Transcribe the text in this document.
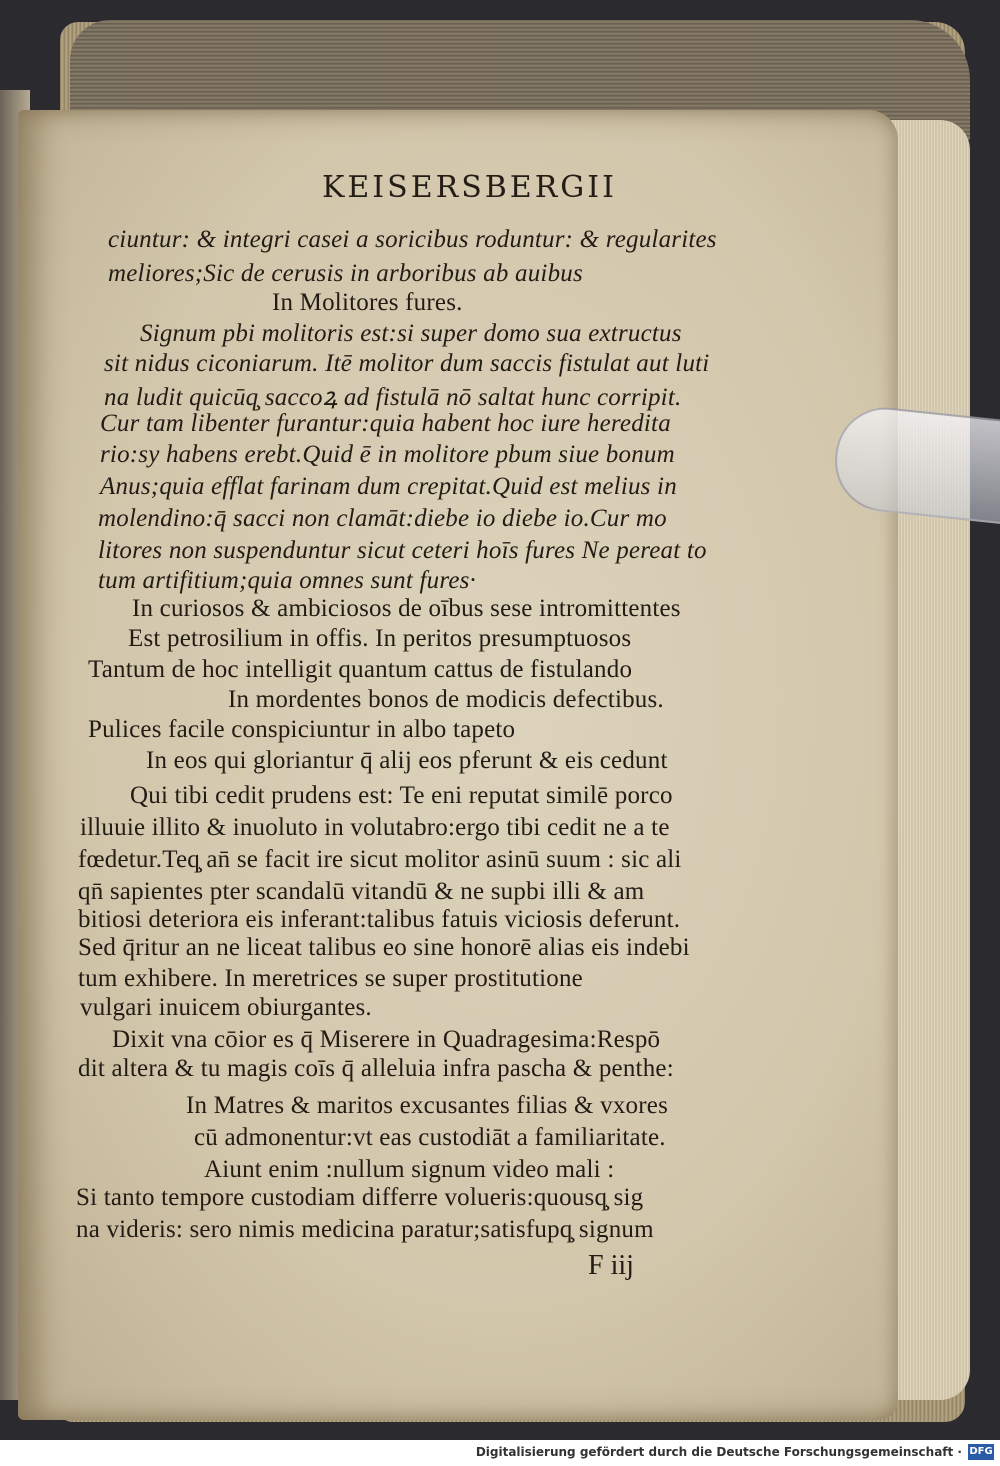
KEISERSBERGII
ciuntur: & integri casei a soricibus roduntur: & regularites
meliores;Sic de cerusis in arboribus ab auibus
In Molitores fures.
Signum pbi molitoris est:si super domo sua extructus
sit nidus ciconiarum. Itē molitor dum saccis fistulat aut luti
na ludit quicūq̧ saccoꝝ ad fistulā nō saltat hunc corripit.
Cur tam libenter furantur:quia habent hoc iure heredita
rio:sy habens erebt.Quid ē in molitore pbum siue bonum
Anus;quia efflat farinam dum crepitat.Quid est melius in
molendino:q̄ sacci non clamāt:diebe io diebe io.Cur mo
litores non suspenduntur sicut ceteri hoīs fures Ne pereat to
tum artifitium;quia omnes sunt fures·
In curiosos & ambiciosos de oībus sese intromittentes
Est petrosilium in offis. In peritos presumptuosos
Tantum de hoc intelligit quantum cattus de fistulando
In mordentes bonos de modicis defectibus.
Pulices facile conspiciuntur in albo tapeto
In eos qui gloriantur q̄ alij eos pferunt & eis cedunt
Qui tibi cedit prudens est: Te eni reputat similē porco
illuuie illito & inuoluto in volutabro:ergo tibi cedit ne a te
fœdetur.Teq̧ an̄ se facit ire sicut molitor asinū suum : sic ali
qn̄ sapientes pter scandalū vitandū & ne supbi illi & am
bitiosi deteriora eis inferant:talibus fatuis viciosis deferunt.
Sed q̄ritur an ne liceat talibus eo sine honorē alias eis indebi
tum exhibere. In meretrices se super prostitutione
vulgari inuicem obiurgantes.
Dixit vna cōior es q̄ Miserere in Quadragesima:Respō
dit altera & tu magis coīs q̄ alleluia infra pascha & penthe:
In Matres & maritos excusantes filias & vxores
cū admonentur:vt eas custodiāt a familiaritate.
Aiunt enim :nullum signum video mali :
Si tanto tempore custodiam differre volueris:quousq̧ sig
na videris: sero nimis medicina paratur;satisfupq̧ signum
F iij
Digitalisierung gefördert durch die Deutsche Forschungsgemeinschaft · DFG
